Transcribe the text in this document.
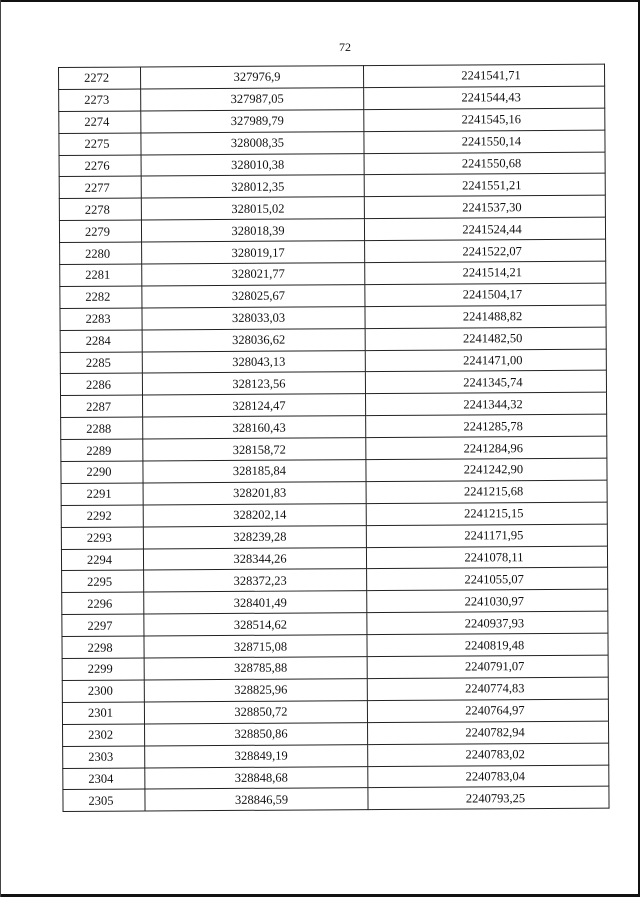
72
2272	327976,9	2241541,71
2273	327987,05	2241544,43
2274	327989,79	2241545,16
2275	328008,35	2241550,14
2276	328010,38	2241550,68
2277	328012,35	2241551,21
2278	328015,02	2241537,30
2279	328018,39	2241524,44
2280	328019,17	2241522,07
2281	328021,77	2241514,21
2282	328025,67	2241504,17
2283	328033,03	2241488,82
2284	328036,62	2241482,50
2285	328043,13	2241471,00
2286	328123,56	2241345,74
2287	328124,47	2241344,32
2288	328160,43	2241285,78
2289	328158,72	2241284,96
2290	328185,84	2241242,90
2291	328201,83	2241215,68
2292	328202,14	2241215,15
2293	328239,28	2241171,95
2294	328344,26	2241078,11
2295	328372,23	2241055,07
2296	328401,49	2241030,97
2297	328514,62	2240937,93
2298	328715,08	2240819,48
2299	328785,88	2240791,07
2300	328825,96	2240774,83
2301	328850,72	2240764,97
2302	328850,86	2240782,94
2303	328849,19	2240783,02
2304	328848,68	2240783,04
2305	328846,59	2240793,25
